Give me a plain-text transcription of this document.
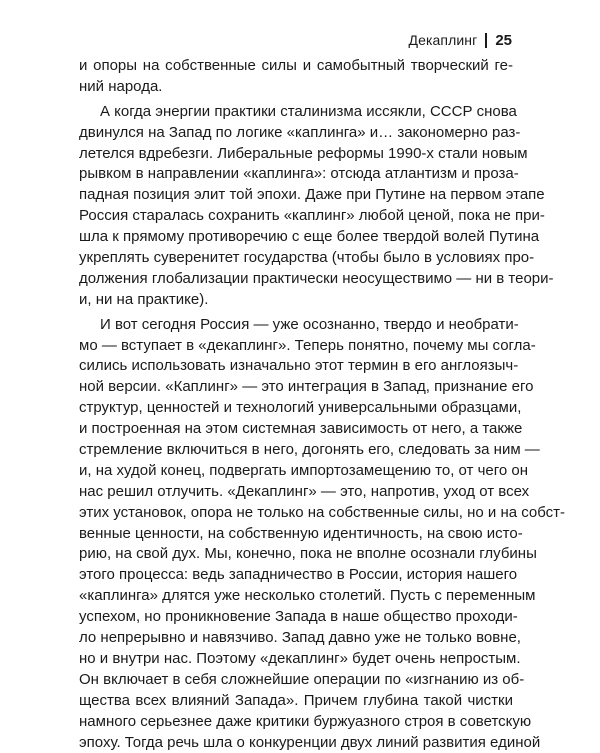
Декаплинг 25
и опоры на собственные силы и самобытный творческий ге-
ний народа.
А когда энергии практики сталинизма иссякли, СССР снова
двинулся на Запад по логике «каплинга» и… закономерно раз-
летелся вдребезги. Либеральные реформы 1990-х стали новым
рывком в направлении «каплинга»: отсюда атлантизм и проза-
падная позиция элит той эпохи. Даже при Путине на первом этапе
Россия старалась сохранить «каплинг» любой ценой, пока не при-
шла к прямому противоречию с еще более твердой волей Путина
укреплять суверенитет государства (чтобы было в условиях про-
должения глобализации практически неосуществимо — ни в теори-
и, ни на практике).
И вот сегодня Россия — уже осознанно, твердо и необрати-
мо — вступает в «декаплинг». Теперь понятно, почему мы согла-
сились использовать изначально этот термин в его англоязыч-
ной версии. «Каплинг» — это интеграция в Запад, признание его
структур, ценностей и технологий универсальными образцами,
и построенная на этом системная зависимость от него, а также
стремление включиться в него, догонять его, следовать за ним —
и, на худой конец, подвергать импортозамещению то, от чего он
нас решил отлучить. «Декаплинг» — это, напротив, уход от всех
этих установок, опора не только на собственные силы, но и на собст-
венные ценности, на собственную идентичность, на свою исто-
рию, на свой дух. Мы, конечно, пока не вполне осознали глубины
этого процесса: ведь западничество в России, история нашего
«каплинга» длятся уже несколько столетий. Пусть с переменным
успехом, но проникновение Запада в наше общество проходи-
ло непрерывно и навязчиво. Запад давно уже не только вовне,
но и внутри нас. Поэтому «декаплинг» будет очень непростым.
Он включает в себя сложнейшие операции по «изгнанию из об-
щества всех влияний Запада». Причем глубина такой чистки
намного серьезнее даже критики буржуазного строя в советскую
эпоху. Тогда речь шла о конкуренции двух линий развития единой
